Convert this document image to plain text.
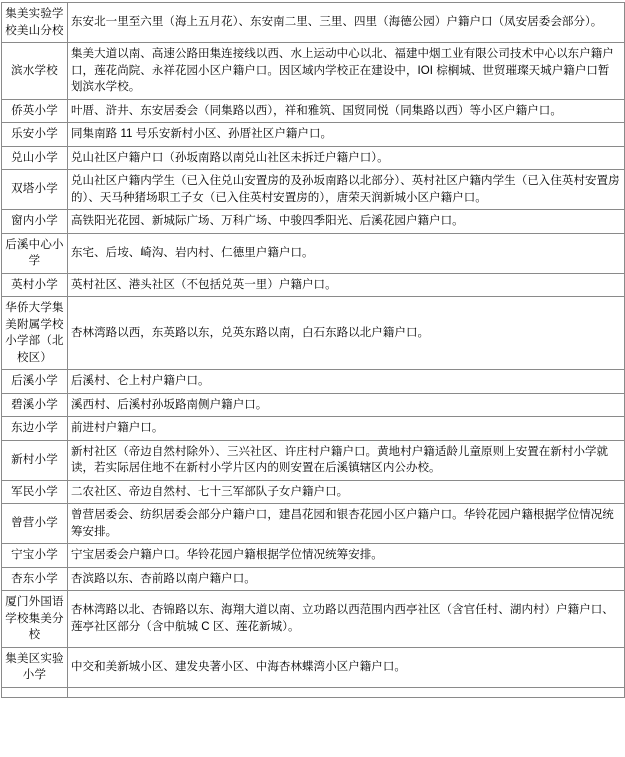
集美实验学校美山分校	东安北一里至六里（海上五月花）、东安南二里、三里、四里（海德公园）户籍户口（凤安居委会部分）。
滨水学校	集美大道以南、高速公路田集连接线以西、水上运动中心以北、福建中烟工业有限公司技术中心以东户籍户口，莲花尚院、永祥花园小区户籍户口。因区域内学校正在建设中，IOI 棕榈城、世贸璀璨天城户籍户口暂划滨水学校。
侨英小学	叶厝、浒井、东安居委会（同集路以西），祥和雅筑、国贸同悦（同集路以西）等小区户籍户口。
乐安小学	同集南路 11 号乐安新村小区、孙厝社区户籍户口。
兑山小学	兑山社区户籍户口（孙坂南路以南兑山社区未拆迁户籍户口）。
双塔小学	兑山社区户籍内学生（已入住兑山安置房的及孙坂南路以北部分）、英村社区户籍内学生（已入住英村安置房的）、天马种猪场职工子女（已入住英村安置房的），唐荣天润新城小区户籍户口。
窗内小学	高铁阳光花园、新城际广场、万科广场、中骏四季阳光、后溪花园户籍户口。
后溪中心小学	东宅、后垵、崎沟、岩内村、仁德里户籍户口。
英村小学	英村社区、港头社区（不包括兑英一里）户籍户口。
华侨大学集美附属学校小学部（北校区）	杏林湾路以西，东英路以东，兑英东路以南，白石东路以北户籍户口。
后溪小学	后溪村、仑上村户籍户口。
碧溪小学	溪西村、后溪村孙坂路南侧户籍户口。
东边小学	前进村户籍户口。
新村小学	新村社区（帝边自然村除外）、三兴社区、许庄村户籍户口。黄地村户籍适龄儿童原则上安置在新村小学就读，若实际居住地不在新村小学片区内的则安置在后溪镇辖区内公办校。
军民小学	二农社区、帝边自然村、七十三军部队子女户籍户口。
曾营小学	曾营居委会、纺织居委会部分户籍户口，建昌花园和银杏花园小区户籍户口。华铃花园户籍根据学位情况统筹安排。
宁宝小学	宁宝居委会户籍户口。华铃花园户籍根据学位情况统筹安排。
杏东小学	杏滨路以东、杏前路以南户籍户口。
厦门外国语学校集美分校	杏林湾路以北、杏锦路以东、海翔大道以南、立功路以西范围内西亭社区（含官任村、湖内村）户籍户口、莲亭社区部分（含中航城 C 区、莲花新城）。
集美区实验小学	中交和美新城小区、建发央著小区、中海杏林蝶湾小区户籍户口。
